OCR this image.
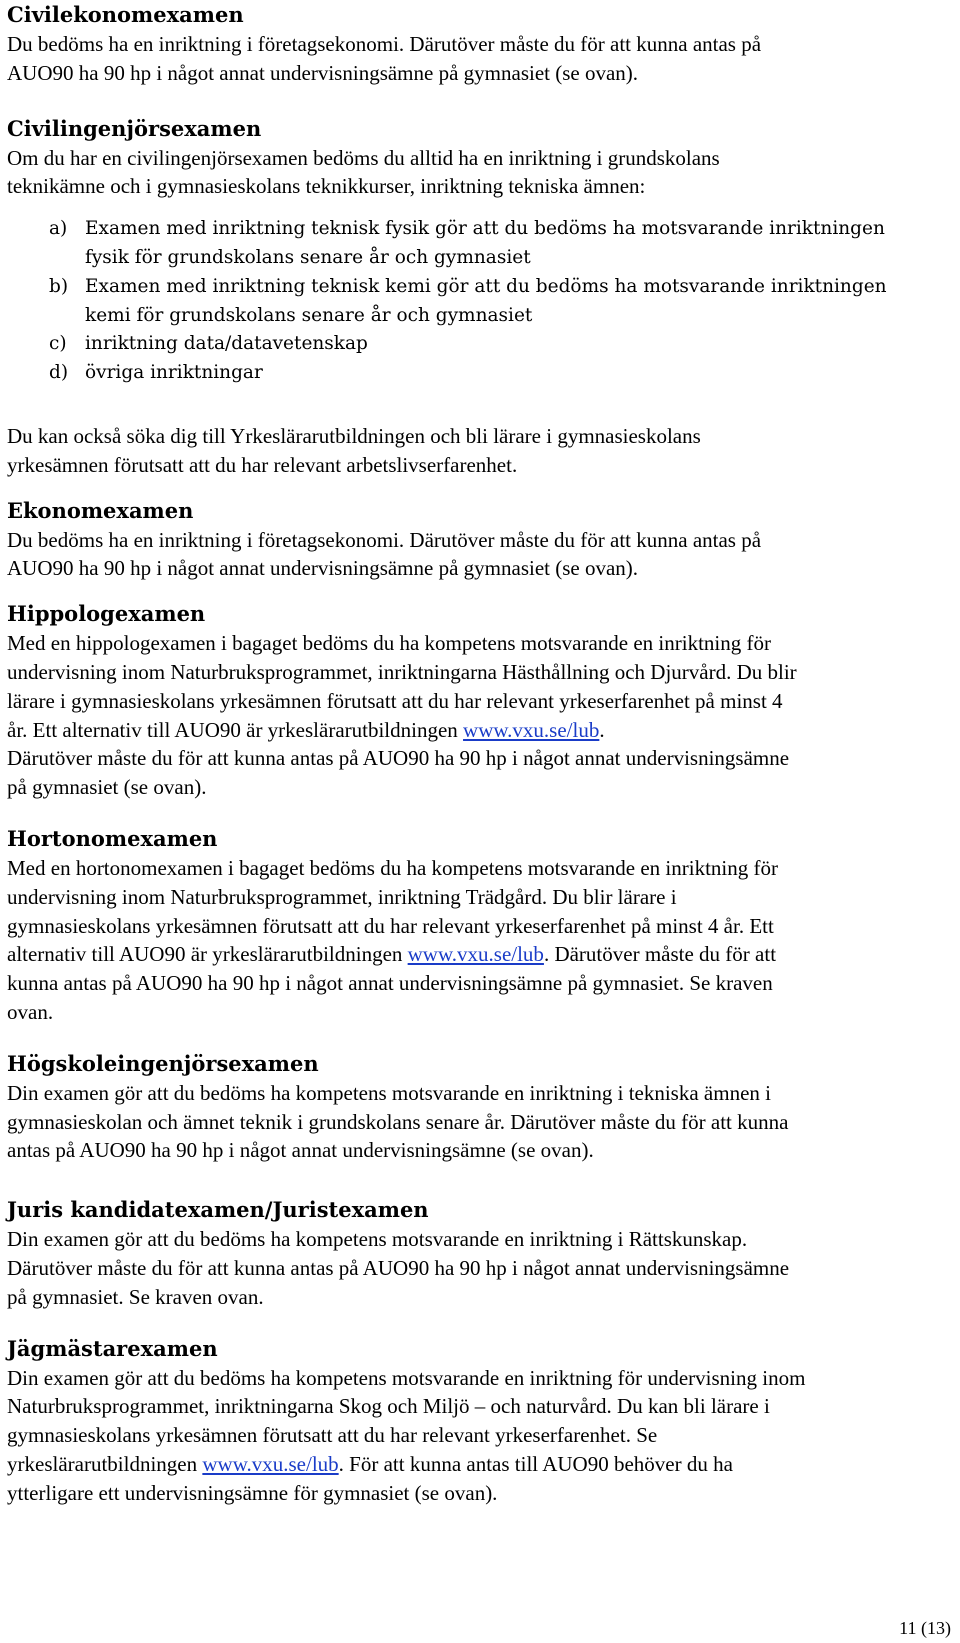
Civilekonomexamen

Du bedöms ha en inriktning i företagsekonomi. Därutöver måste du för att kunna antas på

AUO90 ha 90 hp i något annat undervisningsämne på gymnasiet (se ovan).

Civilingenjörsexamen

Om du har en civilingenjörsexamen bedöms du alltid ha en inriktning i grundskolans

teknikämne och i gymnasieskolans teknikkurser, inriktning tekniska ämnen:

a) Examen med inriktning teknisk fysik gör att du bedöms ha motsvarande inriktningen
fysik för grundskolans senare år och gymnasiet
b) Examen med inriktning teknisk kemi gör att du bedöms ha motsvarande inriktningen
kemi för grundskolans senare år och gymnasiet
c) inriktning data/datavetenskap
d) övriga inriktningar

Du kan också söka dig till Yrkeslärarutbildningen och bli lärare i gymnasieskolans

yrkesämnen förutsatt att du har relevant arbetslivserfarenhet.

Ekonomexamen

Du bedöms ha en inriktning i företagsekonomi. Därutöver måste du för att kunna antas på

AUO90 ha 90 hp i något annat undervisningsämne på gymnasiet (se ovan).

Hippologexamen

Med en hippologexamen i bagaget bedöms du ha kompetens motsvarande en inriktning för

undervisning inom Naturbruksprogrammet, inriktningarna Hästhållning och Djurvård. Du blir

lärare i gymnasieskolans yrkesämnen förutsatt att du har relevant yrkeserfarenhet på minst 4

år. Ett alternativ till AUO90 är yrkeslärarutbildningen www.vxu.se/lub.

Därutöver måste du för att kunna antas på AUO90 ha 90 hp i något annat undervisningsämne

på gymnasiet (se ovan).

Hortonomexamen

Med en hortonomexamen i bagaget bedöms du ha kompetens motsvarande en inriktning för

undervisning inom Naturbruksprogrammet, inriktning Trädgård. Du blir lärare i

gymnasieskolans yrkesämnen förutsatt att du har relevant yrkeserfarenhet på minst 4 år. Ett

alternativ till AUO90 är yrkeslärarutbildningen www.vxu.se/lub. Därutöver måste du för att

kunna antas på AUO90 ha 90 hp i något annat undervisningsämne på gymnasiet. Se kraven

ovan.

Högskoleingenjörsexamen

Din examen gör att du bedöms ha kompetens motsvarande en inriktning i tekniska ämnen i

gymnasieskolan och ämnet teknik i grundskolans senare år. Därutöver måste du för att kunna

antas på AUO90 ha 90 hp i något annat undervisningsämne (se ovan).

Juris kandidatexamen/Juristexamen

Din examen gör att du bedöms ha kompetens motsvarande en inriktning i Rättskunskap.

Därutöver måste du för att kunna antas på AUO90 ha 90 hp i något annat undervisningsämne

på gymnasiet. Se kraven ovan.

Jägmästarexamen

Din examen gör att du bedöms ha kompetens motsvarande en inriktning för undervisning inom

Naturbruksprogrammet, inriktningarna Skog och Miljö – och naturvård. Du kan bli lärare i

gymnasieskolans yrkesämnen förutsatt att du har relevant yrkeserfarenhet. Se

yrkeslärarutbildningen www.vxu.se/lub. För att kunna antas till AUO90 behöver du ha

ytterligare ett undervisningsämne för gymnasiet (se ovan).

11 (13)
